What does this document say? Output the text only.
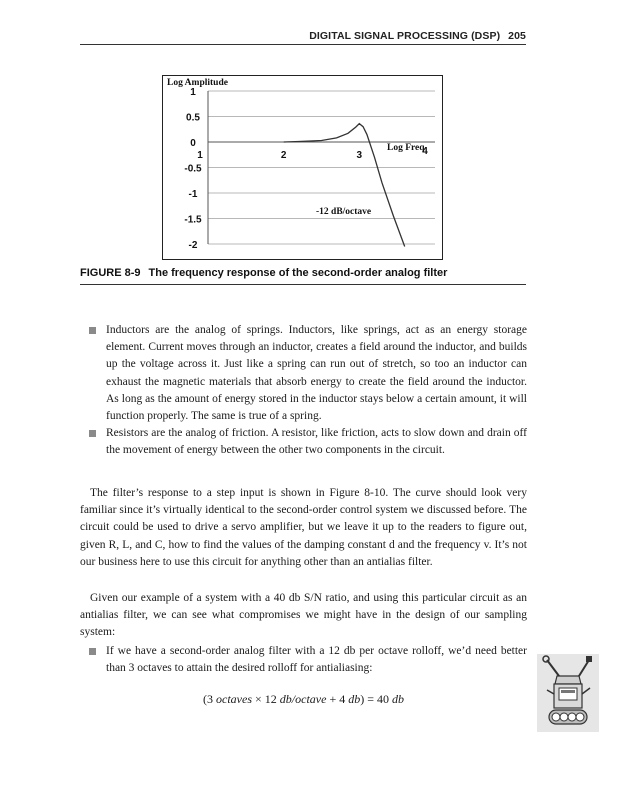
DIGITAL SIGNAL PROCESSING (DSP) 205
1
0.5
0
-0.5
-1
-1.5
-2
1	2	3	4
Log Amplitude
Log Freq
-12 dB/octave
FIGURE 8-9 The frequency response of the second-order analog filter

Inductors are the analog of springs. Inductors, like springs, act as an energy storage element. Current moves through an inductor, creates a field around the inductor, and builds up the voltage across it. Just like a spring can run out of stretch, so too an inductor can exhaust the magnetic materials that absorb energy to create the field around the inductor. As long as the amount of energy stored in the inductor stays below a certain amount, it will function properly. The same is true of a spring.

Resistors are the analog of friction. A resistor, like friction, acts to slow down and drain off the movement of energy between the other two components in the circuit.

The filter’s response to a step input is shown in Figure 8-10. The curve should look very familiar since it’s virtually identical to the second-order control system we discussed before. The circuit could be used to drive a servo amplifier, but we leave it up to the readers to figure out, given R, L, and C, how to find the values of the damping constant d and the frequency v. It’s not our business here to use this circuit for anything other than an antialias filter.

Given our example of a system with a 40 db S/N ratio, and using this particular circuit as an antialias filter, we can see what compromises we might have in the design of our sampling system:

If we have a second-order analog filter with a 12 db per octave rolloff, we’d need better than 3 octaves to attain the desired rolloff for antialiasing:

(3 octaves × 12 db/octave + 4 db) = 40 db
